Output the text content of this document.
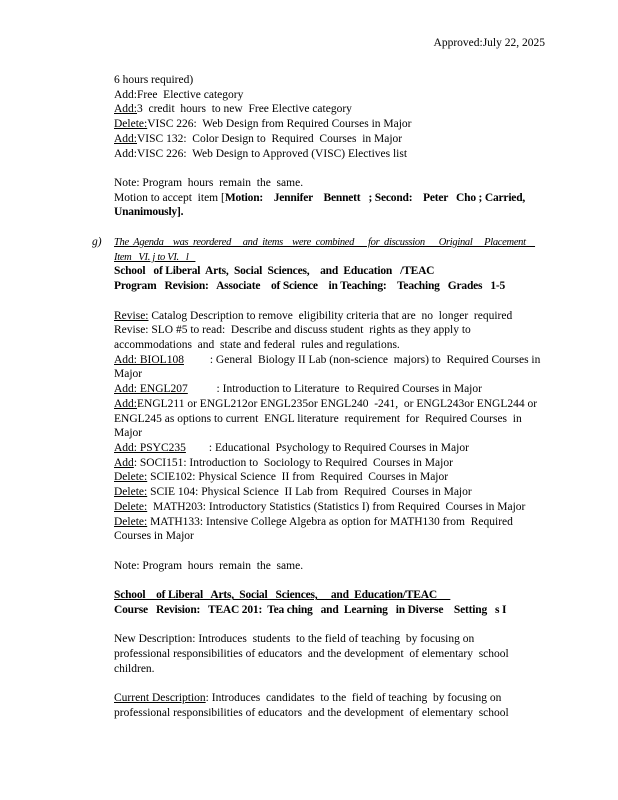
Approved:July 22, 2025
g)
6 hours required)
Add:Free  Elective category
Add:3  credit  hours  to new  Free Elective category
Delete:VISC 226:  Web Design from Required Courses in Major
Add:VISC 132:  Color Design to  Required  Courses  in Major
Add:VISC 226:  Web Design to Approved (VISC) Electives list
Note: Program  hours  remain  the  same.
Motion to accept  item [Motion:    Jennifer    Bennett   ; Second:    Peter   Cho ; Carried,
Unanimously].
The  Agenda    was  reordered     and  items    were  combined      for  discussion      Original     Placement
Item   VI. j to VI.   l
School   of Liberal  Arts,  Social  Sciences,    and  Education   /TEAC
Program   Revision:   Associate    of Science    in Teaching:    Teaching   Grades   1-5
Revise: Catalog Description to remove  eligibility criteria that are  no  longer  required
Revise: SLO #5 to read:  Describe and discuss student  rights as they apply to
accommodations  and  state and federal  rules and regulations.
Add: BIOL108         : General  Biology II Lab (non-science  majors) to  Required Courses in
Major
Add: ENGL207          : Introduction to Literature  to Required Courses in Major
Add:ENGL211 or ENGL212or ENGL235or ENGL240  -241,  or ENGL243or ENGL244 or
ENGL245 as options to current  ENGL literature  requirement  for  Required Courses  in
Major
Add: PSYC235        : Educational  Psychology to Required Courses in Major
Add: SOCI151: Introduction to  Sociology to Required  Courses in Major
Delete: SCIE102: Physical Science  II from  Required  Courses in Major
Delete: SCIE 104: Physical Science  II Lab from  Required  Courses in Major
Delete:  MATH203: Introductory Statistics (Statistics I) from Required  Courses in Major
Delete: MATH133: Intensive College Algebra as option for MATH130 from  Required
Courses in Major
Note: Program  hours  remain  the  same.
School    of Liberal   Arts,  Social   Sciences,     and  Education/TEAC
Course   Revision:   TEAC 201:  Tea ching   and  Learning   in Diverse    Setting   s I
New Description: Introduces  students  to the field of teaching  by focusing on
professional responsibilities of educators  and the development  of elementary  school
children.
Current Description: Introduces  candidates  to the  field of teaching  by focusing on
professional responsibilities of educators  and the development  of elementary  school
